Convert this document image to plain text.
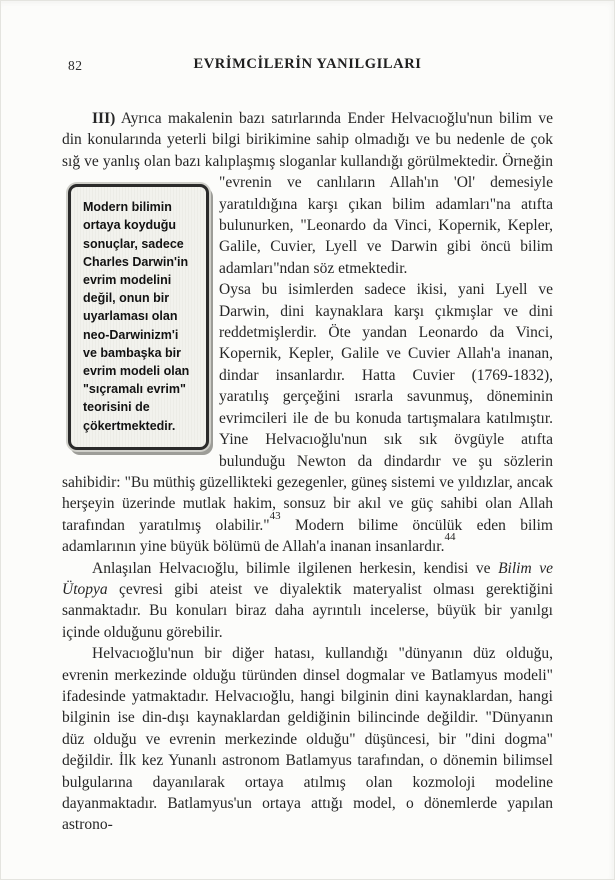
82	EVRİMCİLERİN YANILGILARI

III) Ayrıca makalenin bazı satırlarında Ender Helvacıoğlu'nun bilim ve din konularında yeterli bilgi birikimine sahip olmadığı ve bu nedenle de çok sığ ve yanlış olan bazı kalıplaşmış sloganlar kullandığı görülmektedir.
Modern bilimin ortaya koyduğu sonuçlar, sadece Charles Darwin'in evrim modelini değil, onun bir uyarlaması olan neo-Darwinizm'i ve bambaşka bir evrim modeli olan "sıçramalı evrim" teorisini de çökertmektedir.
Örneğin "evrenin ve canlıların Allah'ın 'Ol' demesiyle yaratıldığına karşı çıkan bilim adamları"na atıfta bulunurken, "Leonardo da Vinci, Kopernik, Kepler, Galile, Cuvier, Lyell ve Darwin gibi öncü bilim adamları"ndan söz etmektedir.

Oysa bu isimlerden sadece ikisi, yani Lyell ve Darwin, dini kaynaklara karşı çıkmışlar ve dini reddetmişlerdir. Öte yandan Leonardo da Vinci, Kopernik, Kepler, Galile ve Cuvier Allah'a inanan, dindar insanlardır. Hatta Cuvier (1769-1832), yaratılış gerçeğini ısrarla savunmuş, döneminin evrimcileri ile de bu konuda tartışmalara katılmıştır. Yine Helvacıoğlu'nun sık sık övgüyle atıfta bulunduğu Newton da dindardır ve şu sözlerin sahibidir: "Bu müthiş güzellikteki gezegenler, güneş sistemi ve yıldızlar, ancak herşeyin üzerinde mutlak hakim, sonsuz bir akıl ve güç sahibi olan Allah tarafından yaratılmış olabilir."$^{43}$ Modern bilime öncülük eden bilim adamlarının yine büyük bölümü de Allah'a inanan insanlardır.$^{44}$

Anlaşılan Helvacıoğlu, bilimle ilgilenen herkesin, kendisi ve Bilim ve Ütopya çevresi gibi ateist ve diyalektik materyalist olması gerektiğini sanmaktadır. Bu konuları biraz daha ayrıntılı incelerse, büyük bir yanılgı içinde olduğunu görebilir.

Helvacıoğlu'nun bir diğer hatası, kullandığı "dünyanın düz olduğu, evrenin merkezinde olduğu türünden dinsel dogmalar ve Batlamyus modeli" ifadesinde yatmaktadır. Helvacıoğlu, hangi bilginin dini kaynaklardan, hangi bilginin ise din-dışı kaynaklardan geldiğinin bilincinde değildir. "Dünyanın düz olduğu ve evrenin merkezinde olduğu" düşüncesi, bir "dini dogma" değildir. İlk kez Yunanlı astronom Batlamyus tarafından, o dönemin bilimsel bulgularına dayanılarak ortaya atılmış olan kozmoloji modeline dayanmaktadır. Batlamyus'un ortaya attığı model, o dönemlerde yapılan astrono-
